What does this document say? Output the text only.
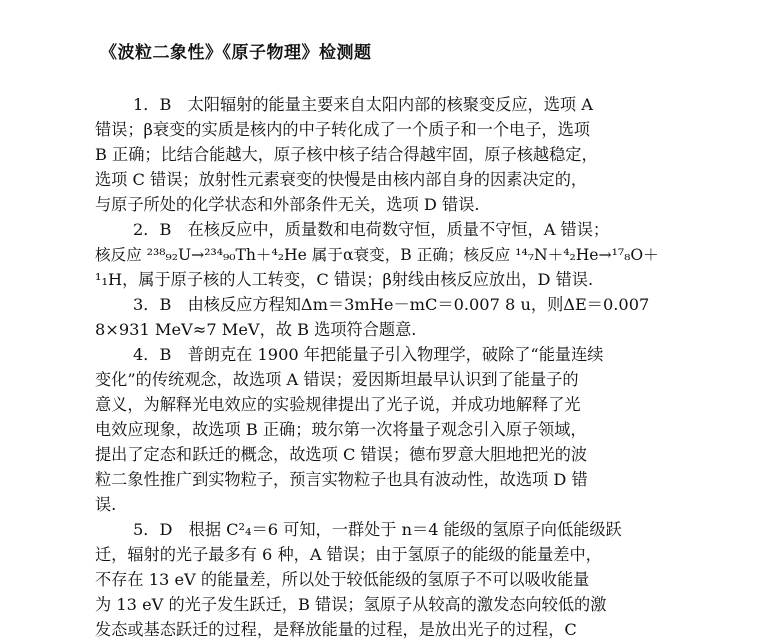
《波粒二象性》《原子物理》检测题
1．B　太阳辐射的能量主要来自太阳内部的核聚变反应，选项 A
错误；β衰变的实质是核内的中子转化成了一个质子和一个电子，选项
B 正确；比结合能越大，原子核中核子结合得越牢固，原子核越稳定，
选项 C 错误；放射性元素衰变的快慢是由核内部自身的因素决定的，
与原子所处的化学状态和外部条件无关，选项 D 错误.
2．B　在核反应中，质量数和电荷数守恒，质量不守恒，A 错误；
核反应 ²³⁸₉₂U→²³⁴₉₀Th＋⁴₂He 属于α衰变，B 正确；核反应 ¹⁴₇N＋⁴₂He→¹⁷₈O＋
¹₁H，属于原子核的人工转变，C 错误；β射线由核反应放出，D 错误.
3．B　由核反应方程知Δm＝3mHe－mC＝0.007 8 u，则ΔE＝0.007
8×931 MeV≈7 MeV，故 B 选项符合题意.
4．B　普朗克在 1900 年把能量子引入物理学，破除了“能量连续
变化”的传统观念，故选项 A 错误；爱因斯坦最早认识到了能量子的
意义，为解释光电效应的实验规律提出了光子说，并成功地解释了光
电效应现象，故选项 B 正确；玻尔第一次将量子观念引入原子领域，
提出了定态和跃迁的概念，故选项 C 错误；德布罗意大胆地把光的波
粒二象性推广到实物粒子，预言实物粒子也具有波动性，故选项 D 错
误.
5．D　根据 C²₄＝6 可知，一群处于 n＝4 能级的氢原子向低能级跃
迁，辐射的光子最多有 6 种，A 错误；由于氢原子的能级的能量差中，
不存在 13 eV 的能量差，所以处于较低能级的氢原子不可以吸收能量
为 13 eV 的光子发生跃迁，B 错误；氢原子从较高的激发态向较低的激
发态或基态跃迁的过程，是释放能量的过程，是放出光子的过程，C
